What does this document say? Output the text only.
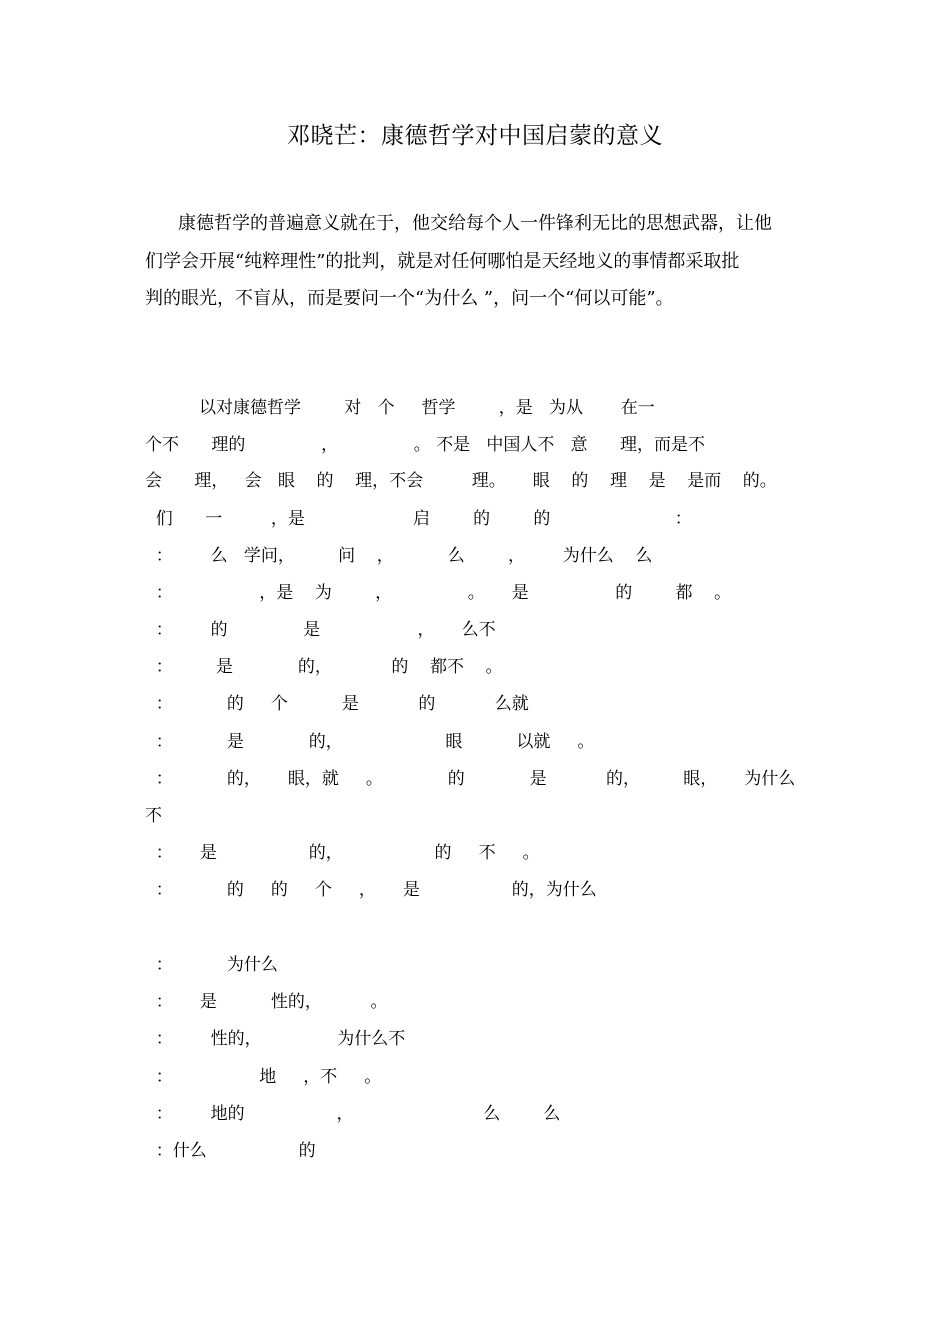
邓晓芒：康德哲学对中国启蒙的意义
康德哲学的普遍意义就在于，他交给每个人一件锋利无比的思想武器，让他
们学会开展“纯粹理性”的批判，就是对任何哪怕是天经地义的事情都采取批
判的眼光，不盲从，而是要问一个“为什么 ”，问一个“何以可能”。
以对康德哲学        对   个     哲学        ，是   为从       在一
个不      理的              ，              。 不是   中国人不   意      理，而是不
会      理，   会   眼    的    理，不会         理。     眼    的    理    是    是而    的。
们      一         ，是                    启        的        的                       ：
：       么   学问，        问    ，          么        ，       为什么    么
：                ，是    为        ，              。     是                的        都    。
：       的              是                  ，     么不
：        是            的，           的    都不    。
：          的     个          是           的           么就
：          是            的，                   眼          以就     。
：          的，     眼，就     。            的            是           的，        眼，     为什么
不
：     是                 的，                 的     不     。
：          的     的     个     ，     是                 的，为什么
：          为什么
：     是          性的，         。
：       性的，              为什么不
：                地     ，不     。
：       地的                 ，                        么        么
：什么                 的
